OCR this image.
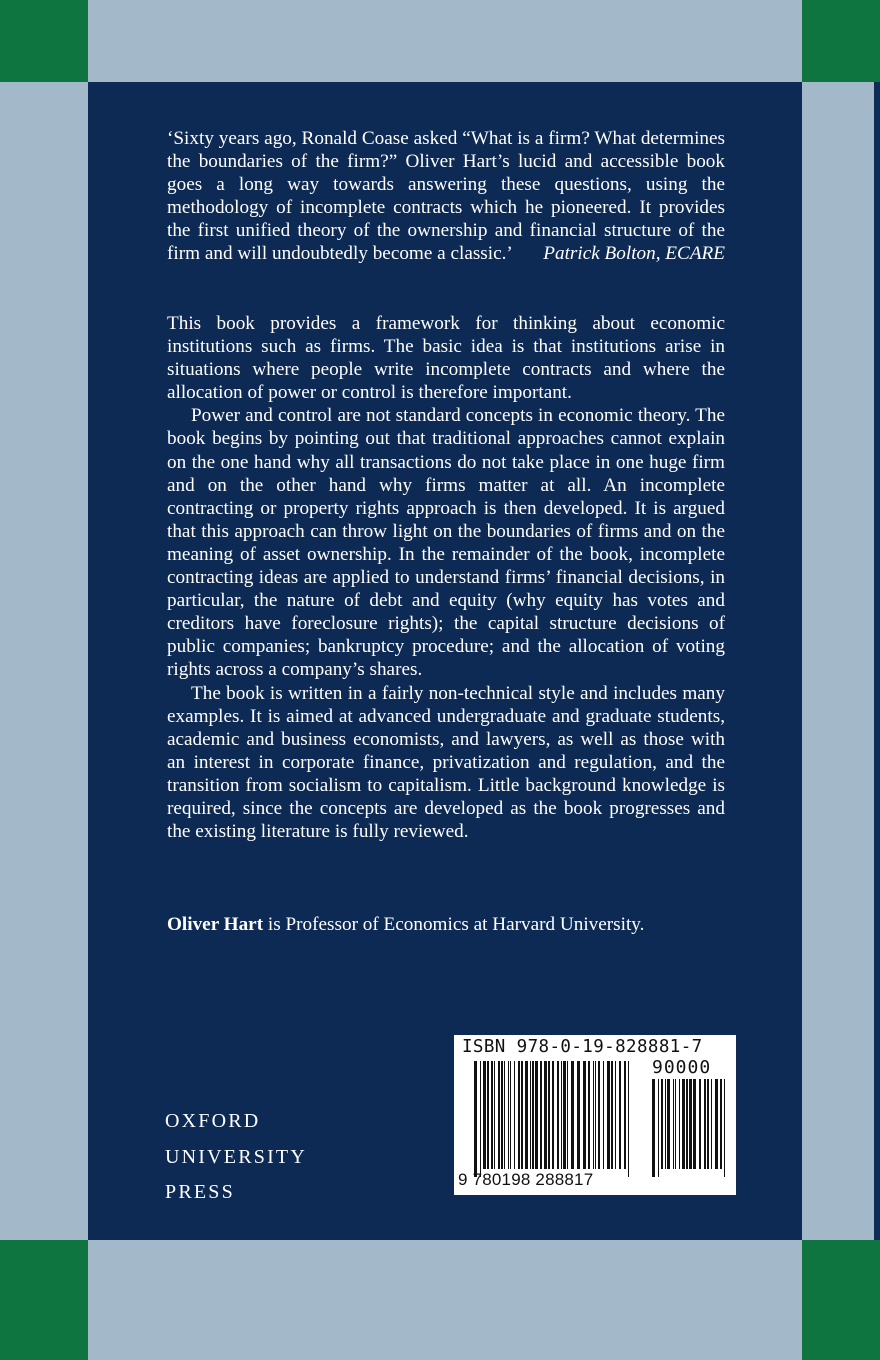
‘Sixty years ago, Ronald Coase asked “What is a firm? What determines the boundaries of the firm?” Oliver Hart’s lucid and accessible book goes a long way towards answering these questions, using the methodology of incomplete contracts which he pioneered. It provides the first unified theory of the ownership and financial structure of the firm and will undoubtedly become a classic.’	Patrick Bolton, ECARE

This book provides a framework for thinking about economic institutions such as firms. The basic idea is that institutions arise in situations where people write incomplete contracts and where the allocation of power or control is therefore important.

Power and control are not standard concepts in economic theory. The book begins by pointing out that traditional approaches cannot explain on the one hand why all transactions do not take place in one huge firm and on the other hand why firms matter at all. An incomplete contracting or property rights approach is then developed. It is argued that this approach can throw light on the boundaries of firms and on the meaning of asset ownership. In the remainder of the book, incomplete contracting ideas are applied to understand firms’ financial decisions, in particular, the nature of debt and equity (why equity has votes and creditors have foreclosure rights); the capital structure decisions of public companies; bankruptcy procedure; and the allocation of voting rights across a company’s shares.

The book is written in a fairly non-technical style and includes many examples. It is aimed at advanced undergraduate and graduate students, academic and business economists, and lawyers, as well as those with an interest in corporate finance, privatization and regulation, and the transition from socialism to capitalism. Little background knowledge is required, since the concepts are developed as the book progresses and the existing literature is fully reviewed.

Oliver Hart is Professor of Economics at Harvard University.
OXFORD
UNIVERSITY
PRESS
ISBN 978-0-19-828881-7
90000
9 780198 288817
